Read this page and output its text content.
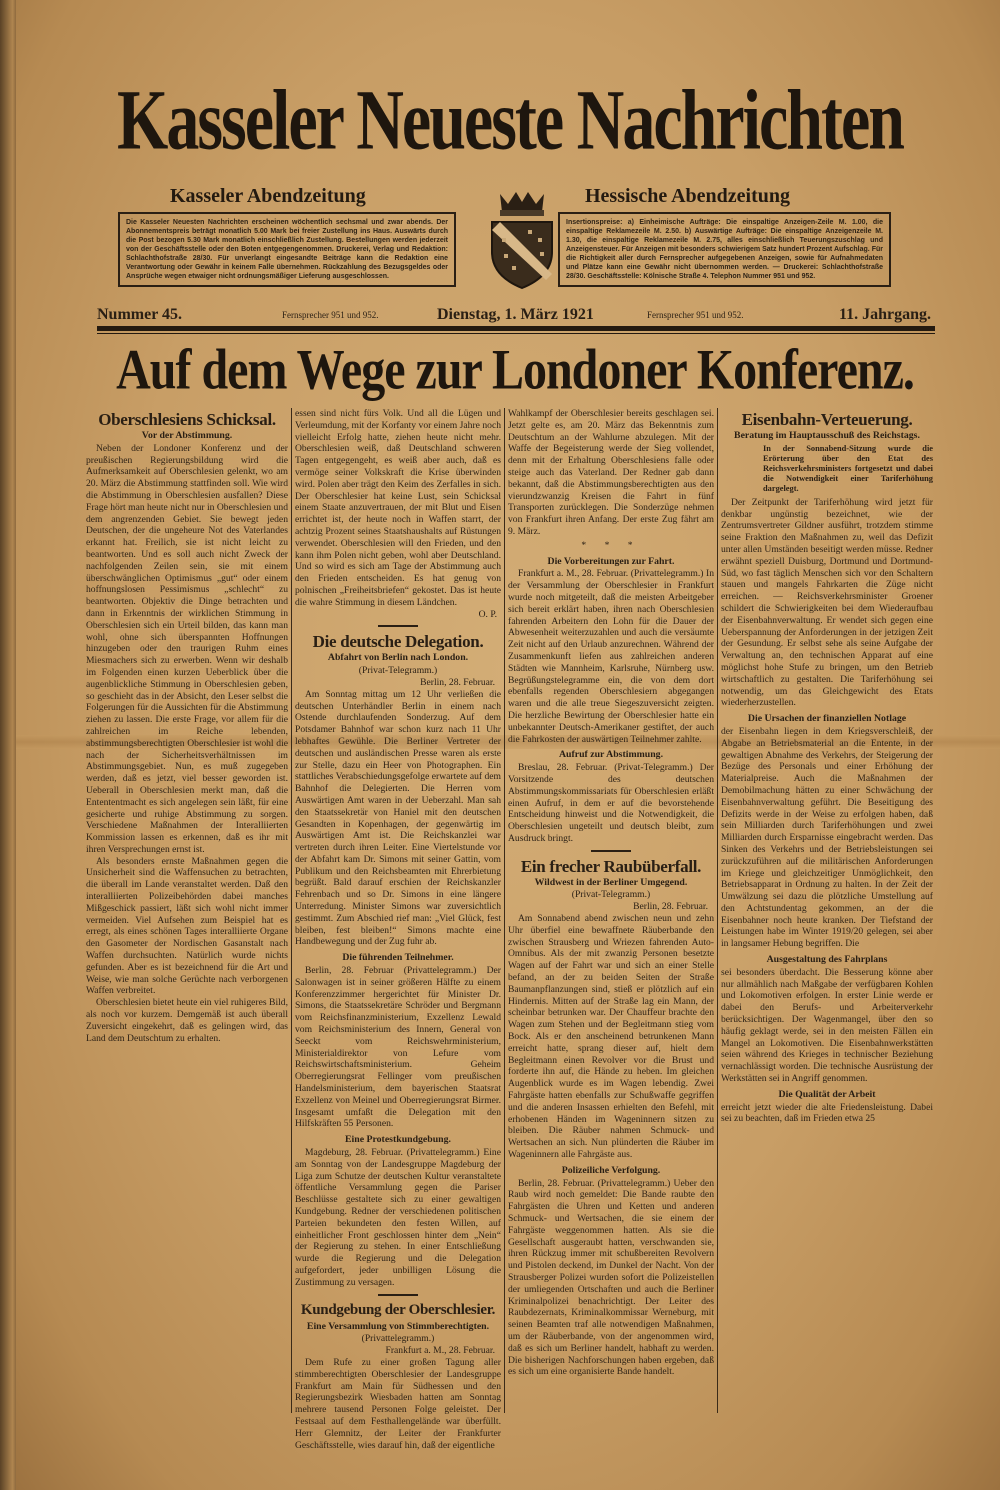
Kasseler Neueste Nachrichten
Kasseler Abendzeitung	Hessische Abendzeitung
Die Kasseler Neuesten Nachrichten erscheinen wöchentlich sechsmal und zwar abends. Der Abonnementspreis beträgt monatlich 5.00 Mark bei freier Zustellung ins Haus. Auswärts durch die Post bezogen 5.30 Mark monatlich einschließlich Zustellung. Bestellungen werden jederzeit von der Geschäftsstelle oder den Boten entgegengenommen. Druckerei, Verlag und Redaktion: Schlachthofstraße 28/30. Für unverlangt eingesandte Beiträge kann die Redaktion eine Verantwortung oder Gewähr in keinem Falle übernehmen. Rückzahlung des Bezugsgeldes oder Ansprüche wegen etwaiger nicht ordnungsmäßiger Lieferung ausgeschlossen.
Insertionspreise: a) Einheimische Aufträge: Die einspaltige Anzeigen-Zeile M. 1.00, die einspaltige Reklamezeile M. 2.50. b) Auswärtige Aufträge: Die einspaltige Anzeigenzeile M. 1.30, die einspaltige Reklamezeile M. 2.75, alles einschließlich Teuerungszuschlag und Anzeigensteuer. Für Anzeigen mit besonders schwierigem Satz hundert Prozent Aufschlag. Für die Richtigkeit aller durch Fernsprecher aufgegebenen Anzeigen, sowie für Aufnahmedaten und Plätze kann eine Gewähr nicht übernommen werden. — Druckerei: Schlachthofstraße 28/30. Geschäftsstelle: Kölnische Straße 4. Telephon Nummer 951 und 952.
Nummer 45.	Fernsprecher 951 und 952.	Dienstag, 1. März 1921	Fernsprecher 951 und 952.	11. Jahrgang.
Auf dem Wege zur Londoner Konferenz.
Oberschlesiens Schicksal.
Vor der Abstimmung.

Neben der Londoner Konferenz und der preußischen Regierungsbildung wird die Aufmerksamkeit auf Oberschlesien gelenkt, wo am 20. März die Abstimmung stattfinden soll. Wie wird die Abstimmung in Oberschlesien ausfallen? Diese Frage hört man heute nicht nur in Oberschlesien und dem angrenzenden Gebiet. Sie bewegt jeden Deutschen, der die ungeheure Not des Vaterlandes erkannt hat. Freilich, sie ist nicht leicht zu beantworten. Und es soll auch nicht Zweck der nachfolgenden Zeilen sein, sie mit einem überschwänglichen Optimismus „gut“ oder einem hoffnungslosen Pessimismus „schlecht“ zu beantworten. Objektiv die Dinge betrachten und dann in Erkenntnis der wirklichen Stimmung in Oberschlesien sich ein Urteil bilden, das kann man wohl, ohne sich überspannten Hoffnungen hinzugeben oder den traurigen Ruhm eines Miesmachers sich zu erwerben. Wenn wir deshalb im Folgenden einen kurzen Ueberblick über die augenblickliche Stimmung in Oberschlesien geben, so geschieht das in der Absicht, den Leser selbst die Folgerungen für die Aussichten für die Abstimmung ziehen zu lassen. Die erste Frage, vor allem für die zahlreichen im Reiche lebenden, abstimmungsberechtigten Oberschlesier ist wohl die nach der Sicherheitsverhältnissen im Abstimmungsgebiet. Nun, es muß zugegeben werden, daß es jetzt, viel besser geworden ist. Ueberall in Oberschlesien merkt man, daß die Entententmacht es sich angelegen sein läßt, für eine gesicherte und ruhige Abstimmung zu sorgen. Verschiedene Maßnahmen der Interalliierten Kommission lassen es erkennen, daß es ihr mit ihren Versprechungen ernst ist.

Als besonders ernste Maßnahmen gegen die Unsicherheit sind die Waffensuchen zu betrachten, die überall im Lande veranstaltet werden. Daß den interalliierten Polizeibehörden dabei manches Mißgeschick passiert, läßt sich wohl nicht immer vermeiden. Viel Aufsehen zum Beispiel hat es erregt, als eines schönen Tages interalliierte Organe den Gasometer der Nordischen Gasanstalt nach Waffen durchsuchten. Natürlich wurde nichts gefunden. Aber es ist bezeichnend für die Art und Weise, wie man solche Gerüchte nach verborgenen Waffen verbreitet.

Oberschlesien bietet heute ein viel ruhigeres Bild, als noch vor kurzem. Demgemäß ist auch überall Zuversicht eingekehrt, daß es gelingen wird, das Land dem Deutschtum zu erhalten.

essen sind nicht fürs Volk. Und all die Lügen und Verleumdung, mit der Korfanty vor einem Jahre noch vielleicht Erfolg hatte, ziehen heute nicht mehr. Oberschlesien weiß, daß Deutschland schweren Tagen entgegengeht, es weiß aber auch, daß es vermöge seiner Volkskraft die Krise überwinden wird. Polen aber trägt den Keim des Zerfalles in sich. Der Oberschlesier hat keine Lust, sein Schicksal einem Staate anzuvertrauen, der mit Blut und Eisen errichtet ist, der heute noch in Waffen starrt, der achtzig Prozent seines Staatshaushalts auf Rüstungen verwendet. Oberschlesien will den Frieden, und den kann ihm Polen nicht geben, wohl aber Deutschland. Und so wird es sich am Tage der Abstimmung auch den Frieden entscheiden. Es hat genug von polnischen „Freiheitsbriefen“ gekostet. Das ist heute die wahre Stimmung in diesem Ländchen.

O. P.
Die deutsche Delegation.
Abfahrt von Berlin nach London.
(Privat-Telegramm.)
Berlin, 28. Februar.

Am Sonntag mittag um 12 Uhr verließen die deutschen Unterhändler Berlin in einem nach Ostende durchlaufenden Sonderzug. Auf dem Potsdamer Bahnhof war schon kurz nach 11 Uhr lebhaftes Gewühle. Die Berliner Vertreter der deutschen und ausländischen Presse waren als erste zur Stelle, dazu ein Heer von Photographen. Ein stattliches Verabschiedungsgefolge erwartete auf dem Bahnhof die Delegierten. Die Herren vom Auswärtigen Amt waren in der Ueberzahl. Man sah den Staatssekretär von Haniel mit den deutschen Gesandten in Kopenhagen, der gegenwärtig im Auswärtigen Amt ist. Die Reichskanzlei war vertreten durch ihren Leiter. Eine Viertelstunde vor der Abfahrt kam Dr. Simons mit seiner Gattin, vom Publikum und den Reichsbeamten mit Ehrerbietung begrüßt. Bald darauf erschien der Reichskanzler Fehrenbach und so Dr. Simons in eine längere Unterredung. Minister Simons war zuversichtlich gestimmt. Zum Abschied rief man: „Viel Glück, fest bleiben, fest bleiben!“ Simons machte eine Handbewegung und der Zug fuhr ab.

Die führenden Teilnehmer.

Berlin, 28. Februar (Privattelegramm.) Der Salonwagen ist in seiner größeren Hälfte zu einem Konferenzzimmer hergerichtet für Minister Dr. Simons, die Staatssekretäre Schröder und Bergmann vom Reichsfinanzministerium, Exzellenz Lewald vom Reichsministerium des Innern, General von Seeckt vom Reichswehrministerium, Ministerialdirektor von Lefure vom Reichswirtschaftsministerium. Geheim Oberregierungsrat Fellinger vom preußischen Handelsministerium, dem bayerischen Staatsrat Exzellenz von Meinel und Oberregierungsrat Birmer. Insgesamt umfaßt die Delegation mit den Hilfskräften 55 Personen.

Eine Protestkundgebung.

Magdeburg, 28. Februar. (Privattelegramm.) Eine am Sonntag von der Landesgruppe Magdeburg der Liga zum Schutze der deutschen Kultur veranstaltete öffentliche Versammlung gegen die Pariser Beschlüsse gestaltete sich zu einer gewaltigen Kundgebung. Redner der verschiedenen politischen Parteien bekundeten den festen Willen, auf einheitlicher Front geschlossen hinter dem „Nein“ der Regierung zu stehen. In einer Entschließung wurde die Regierung und die Delegation aufgefordert, jeder unbilligen Lösung die Zustimmung zu versagen.

Kundgebung der Oberschlesier.
Eine Versammlung von Stimmberechtigten.
(Privattelegramm.)
Frankfurt a. M., 28. Februar.

Dem Rufe zu einer großen Tagung aller stimmberechtigten Oberschlesier der Landesgruppe Frankfurt am Main für Südhessen und den Regierungsbezirk Wiesbaden hatten am Sonntag mehrere tausend Personen Folge geleistet. Der Festsaal auf dem Festhallengelände war überfüllt. Herr Glemnitz, der Leiter der Frankfurter Geschäftsstelle, wies darauf hin, daß der eigentliche

Wahlkampf der Oberschlesier bereits geschlagen sei. Jetzt gelte es, am 20. März das Bekenntnis zum Deutschtum an der Wahlurne abzulegen. Mit der Waffe der Begeisterung werde der Sieg vollendet, denn mit der Erhaltung Oberschlesiens falle oder steige auch das Vaterland. Der Redner gab dann bekannt, daß die Abstimmungsberechtigten aus den vierundzwanzig Kreisen die Fahrt in fünf Transporten zurücklegen. Die Sonderzüge nehmen von Frankfurt ihren Anfang. Der erste Zug fährt am 9. März.

* * *
Die Vorbereitungen zur Fahrt.

Frankfurt a. M., 28. Februar. (Privattelegramm.) In der Versammlung der Oberschlesier in Frankfurt wurde noch mitgeteilt, daß die meisten Arbeitgeber sich bereit erklärt haben, ihren nach Oberschlesien fahrenden Arbeitern den Lohn für die Dauer der Abwesenheit weiterzuzahlen und auch die versäumte Zeit nicht auf den Urlaub anzurechnen. Während der Zusammenkunft liefen aus zahlreichen anderen Städten wie Mannheim, Karlsruhe, Nürnberg usw. Begrüßungstelegramme ein, die von dem dort ebenfalls regenden Oberschlesiern abgegangen waren und die alle treue Siegeszuversicht zeigten. Die herzliche Bewirtung der Oberschlesier hatte ein unbekannter Deutsch-Amerikaner gestiftet, der auch die Fahrkosten der auswärtigen Teilnehmer zahlte.

Aufruf zur Abstimmung.

Breslau, 28. Februar. (Privat-Telegramm.) Der Vorsitzende des deutschen Abstimmungskommissariats für Oberschlesien erläßt einen Aufruf, in dem er auf die bevorstehende Entscheidung hinweist und die Notwendigkeit, die Oberschlesien ungeteilt und deutsch bleibt, zum Ausdruck bringt.

Ein frecher Raubüberfall.
Wildwest in der Berliner Umgegend.
(Privat-Telegramm.)
Berlin, 28. Februar.

Am Sonnabend abend zwischen neun und zehn Uhr überfiel eine bewaffnete Räuberbande den zwischen Strausberg und Wriezen fahrenden Auto-Omnibus. Als der mit zwanzig Personen besetzte Wagen auf der Fahrt war und sich an einer Stelle befand, an der zu beiden Seiten der Straße Baumanpflanzungen sind, stieß er plötzlich auf ein Hindernis. Mitten auf der Straße lag ein Mann, der scheinbar betrunken war. Der Chauffeur brachte den Wagen zum Stehen und der Begleitmann stieg vom Bock. Als er den anscheinend betrunkenen Mann erreicht hatte, sprang dieser auf, hielt dem Begleitmann einen Revolver vor die Brust und forderte ihn auf, die Hände zu heben. Im gleichen Augenblick wurde es im Wagen lebendig. Zwei Fahrgäste hatten ebenfalls zur Schußwaffe gegriffen und die anderen Insassen erhielten den Befehl, mit erhobenen Händen im Wageninnern sitzen zu bleiben. Die Räuber nahmen Schmuck- und Wertsachen an sich. Nun plünderten die Räuber im Wageninnern alle Fahrgäste aus.

Polizeiliche Verfolgung.

Berlin, 28. Februar. (Privattelegramm.) Ueber den Raub wird noch gemeldet: Die Bande raubte den Fahrgästen die Uhren und Ketten und anderen Schmuck- und Wertsachen, die sie einem der Fahrgäste weggenommen hatten. Als sie die Gesellschaft ausgeraubt hatten, verschwanden sie, ihren Rückzug immer mit schußbereiten Revolvern und Pistolen deckend, im Dunkel der Nacht. Von der Strausberger Polizei wurden sofort die Polizeistellen der umliegenden Ortschaften und auch die Berliner Kriminalpolizei benachrichtigt. Der Leiter des Raubdezernats, Kriminalkommissar Werneburg, mit seinen Beamten traf alle notwendigen Maßnahmen, um der Räuberbande, von der angenommen wird, daß es sich um Berliner handelt, habhaft zu werden. Die bisherigen Nachforschungen haben ergeben, daß es sich um eine organisierte Bande handelt.

Eisenbahn-Verteuerung.
Beratung im Hauptausschuß des Reichstags.
In der Sonnabend-Sitzung wurde die Erörterung über den Etat des Reichsverkehrsministers fortgesetzt und dabei die Notwendigkeit einer Tariferhöhung dargelegt.

Der Zeitpunkt der Tariferhöhung wird jetzt für denkbar ungünstig bezeichnet, wie der Zentrumsvertreter Gildner ausführt, trotzdem stimme seine Fraktion den Maßnahmen zu, weil das Defizit unter allen Umständen beseitigt werden müsse. Redner erwähnt speziell Duisburg, Dortmund und Dortmund-Süd, wo fast täglich Menschen sich vor den Schaltern stauen und mangels Fahrkarten die Züge nicht erreichen. — Reichsverkehrsminister Groener schildert die Schwierigkeiten bei dem Wiederaufbau der Eisenbahnverwaltung. Er wendet sich gegen eine Ueberspannung der Anforderungen in der jetzigen Zeit der Gesundung. Er selbst sehe als seine Aufgabe der Verwaltung an, den technischen Apparat auf eine möglichst hohe Stufe zu bringen, um den Betrieb wirtschaftlich zu gestalten. Die Tariferhöhung sei notwendig, um das Gleichgewicht des Etats wiederherzustellen.

Die Ursachen der finanziellen Notlage

der Eisenbahn liegen in dem Kriegsverschleiß, der Abgabe an Betriebsmaterial an die Entente, in der gewaltigen Abnahme des Verkehrs, der Steigerung der Bezüge des Personals und einer Erhöhung der Materialpreise. Auch die Maßnahmen der Demobilmachung hätten zu einer Schwächung der Eisenbahnverwaltung geführt. Die Beseitigung des Defizits werde in der Weise zu erfolgen haben, daß sein Milliarden durch Tariferhöhungen und zwei Milliarden durch Ersparnisse eingebracht werden. Das Sinken des Verkehrs und der Betriebsleistungen sei zurückzuführen auf die militärischen Anforderungen im Kriege und gleichzeitiger Unmöglichkeit, den Betriebsapparat in Ordnung zu halten. In der Zeit der Umwälzung sei dazu die plötzliche Umstellung auf den Achtstundentag gekommen, an der die Eisenbahner noch heute kranken. Der Tiefstand der Leistungen habe im Winter 1919/20 gelegen, sei aber in langsamer Hebung begriffen. Die

Ausgestaltung des Fahrplans

sei besonders überdacht. Die Besserung könne aber nur allmählich nach Maßgabe der verfügbaren Kohlen und Lokomotiven erfolgen. In erster Linie werde er dabei den Berufs- und Arbeiterverkehr berücksichtigen. Der Wagenmangel, über den so häufig geklagt werde, sei in den meisten Fällen ein Mangel an Lokomotiven. Die Eisenbahnwerkstätten seien während des Krieges in technischer Beziehung vernachlässigt worden. Die technische Ausrüstung der Werkstätten sei in Angriff genommen.

Die Qualität der Arbeit

erreicht jetzt wieder die alte Friedensleistung. Dabei sei zu beachten, daß im Frieden etwa 25
